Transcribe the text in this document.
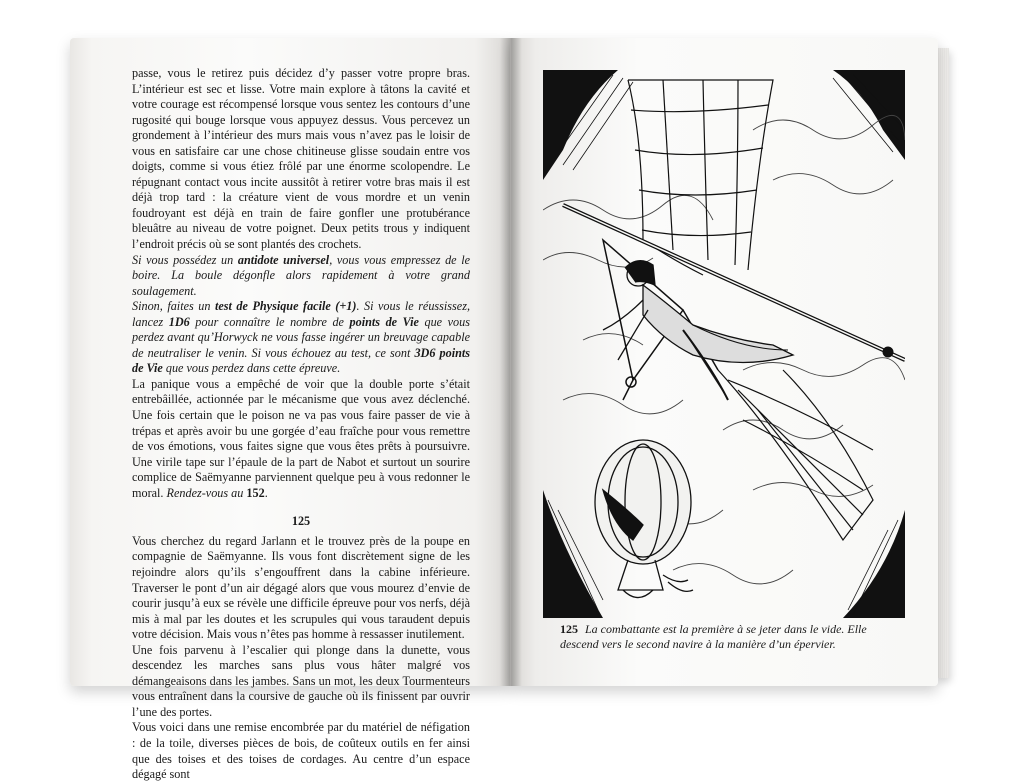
passe, vous le retirez puis décidez d’y passer votre propre bras. L’intérieur est sec et lisse. Votre main explore à tâtons la cavité et votre courage est récompensé lorsque vous sentez les contours d’une rugosité qui bouge lorsque vous appuyez dessus. Vous percevez un grondement à l’intérieur des murs mais vous n’avez pas le loisir de vous en satisfaire car une chose chitineuse glisse soudain entre vos doigts, comme si vous étiez frôlé par une énorme scolopendre. Le répugnant contact vous incite aussitôt à retirer votre bras mais il est déjà trop tard : la créature vient de vous mordre et un venin foudroyant est déjà en train de faire gonfler une protubérance bleuâtre au niveau de votre poignet. Deux petits trous y indiquent l’endroit précis où se sont plantés des crochets.

Si vous possédez un antidote universel, vous vous empressez de le boire. La boule dégonfle alors rapidement à votre grand soulagement.

Sinon, faites un test de Physique facile (+1). Si vous le réussissez, lancez 1D6 pour connaître le nombre de points de Vie que vous perdez avant qu’Horwyck ne vous fasse ingérer un breuvage capable de neutraliser le venin. Si vous échouez au test, ce sont 3D6 points de Vie que vous perdez dans cette épreuve.

La panique vous a empêché de voir que la double porte s’était entrebâillée, actionnée par le mécanisme que vous avez déclenché. Une fois certain que le poison ne va pas vous faire passer de vie à trépas et après avoir bu une gorgée d’eau fraîche pour vous remettre de vos émotions, vous faites signe que vous êtes prêts à poursuivre. Une virile tape sur l’épaule de la part de Nabot et surtout un sourire complice de Saëmyanne parviennent quelque peu à vous redonner le moral. Rendez-vous au 152.

125

Vous cherchez du regard Jarlann et le trouvez près de la poupe en compagnie de Saëmyanne. Ils vous font discrètement signe de les rejoindre alors qu’ils s’engouffrent dans la cabine inférieure. Traverser le pont d’un air dégagé alors que vous mourez d’envie de courir jusqu’à eux se révèle une difficile épreuve pour vos nerfs, déjà mis à mal par les doutes et les scrupules qui vous taraudent depuis votre décision. Mais vous n’êtes pas homme à ressasser inutilement.

Une fois parvenu à l’escalier qui plonge dans la dunette, vous descendez les marches sans plus vous hâter malgré vos démangeaisons dans les jambes. Sans un mot, les deux Tourmenteurs vous entraînent dans la coursive de gauche où ils finissent par ouvrir l’une des portes.

Vous voici dans une remise encombrée par du matériel de néfigation : de la toile, diverses pièces de bois, de coûteux outils en fer ainsi que des toises et des toises de cordages. Au centre d’un espace dégagé sont

125 La combattante est la première à se jeter dans le vide. Elle descend vers le second navire à la manière d’un épervier.
